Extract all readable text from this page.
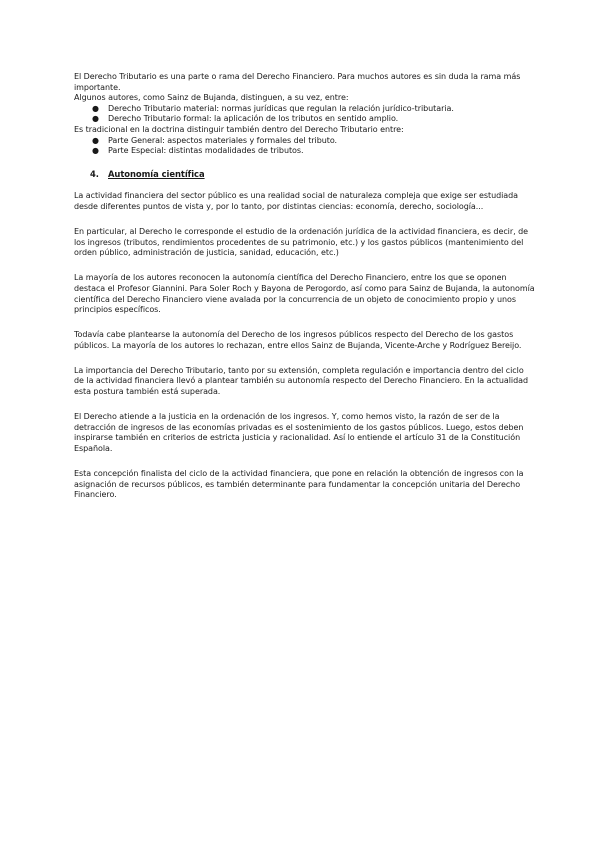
El Derecho Tributario es una parte o rama del Derecho Financiero. Para muchos autores es sin duda la rama más importante.

Algunos autores, como Sainz de Bujanda, distinguen, a su vez, entre:

● Derecho Tributario material: normas jurídicas que regulan la relación jurídico-tributaria.
● Derecho Tributario formal: la aplicación de los tributos en sentido amplio.

Es tradicional en la doctrina distinguir también dentro del Derecho Tributario entre:

● Parte General: aspectos materiales y formales del tributo.
● Parte Especial: distintas modalidades de tributos.
4.	Autonomía científica

La actividad financiera del sector público es una realidad social de naturaleza compleja que exige ser estudiada desde diferentes puntos de vista y, por lo tanto, por distintas ciencias: economía, derecho, sociología...

En particular, al Derecho le corresponde el estudio de la ordenación jurídica de la actividad financiera, es decir, de los ingresos (tributos, rendimientos procedentes de su patrimonio, etc.) y los gastos públicos (mantenimiento del orden público, administración de justicia, sanidad, educación, etc.)

La mayoría de los autores reconocen la autonomía científica del Derecho Financiero, entre los que se oponen destaca el Profesor Giannini. Para Soler Roch y Bayona de Perogordo, así como para Sainz de Bujanda, la autonomía científica del Derecho Financiero viene avalada por la concurrencia de un objeto de conocimiento propio y unos principios específicos.

Todavía cabe plantearse la autonomía del Derecho de los ingresos públicos respecto del Derecho de los gastos públicos. La mayoría de los autores lo rechazan, entre ellos Sainz de Bujanda, Vicente-Arche y Rodríguez Bereijo.

La importancia del Derecho Tributario, tanto por su extensión, completa regulación e importancia dentro del ciclo de la actividad financiera llevó a plantear también su autonomía respecto del Derecho Financiero. En la actualidad esta postura también está superada.

El Derecho atiende a la justicia en la ordenación de los ingresos. Y, como hemos visto, la razón de ser de la detracción de ingresos de las economías privadas es el sostenimiento de los gastos públicos. Luego, estos deben inspirarse también en criterios de estricta justicia y racionalidad. Así lo entiende el artículo 31 de la Constitución Española.

Esta concepción finalista del ciclo de la actividad financiera, que pone en relación la obtención de ingresos con la asignación de recursos públicos, es también determinante para fundamentar la concepción unitaria del Derecho Financiero.
